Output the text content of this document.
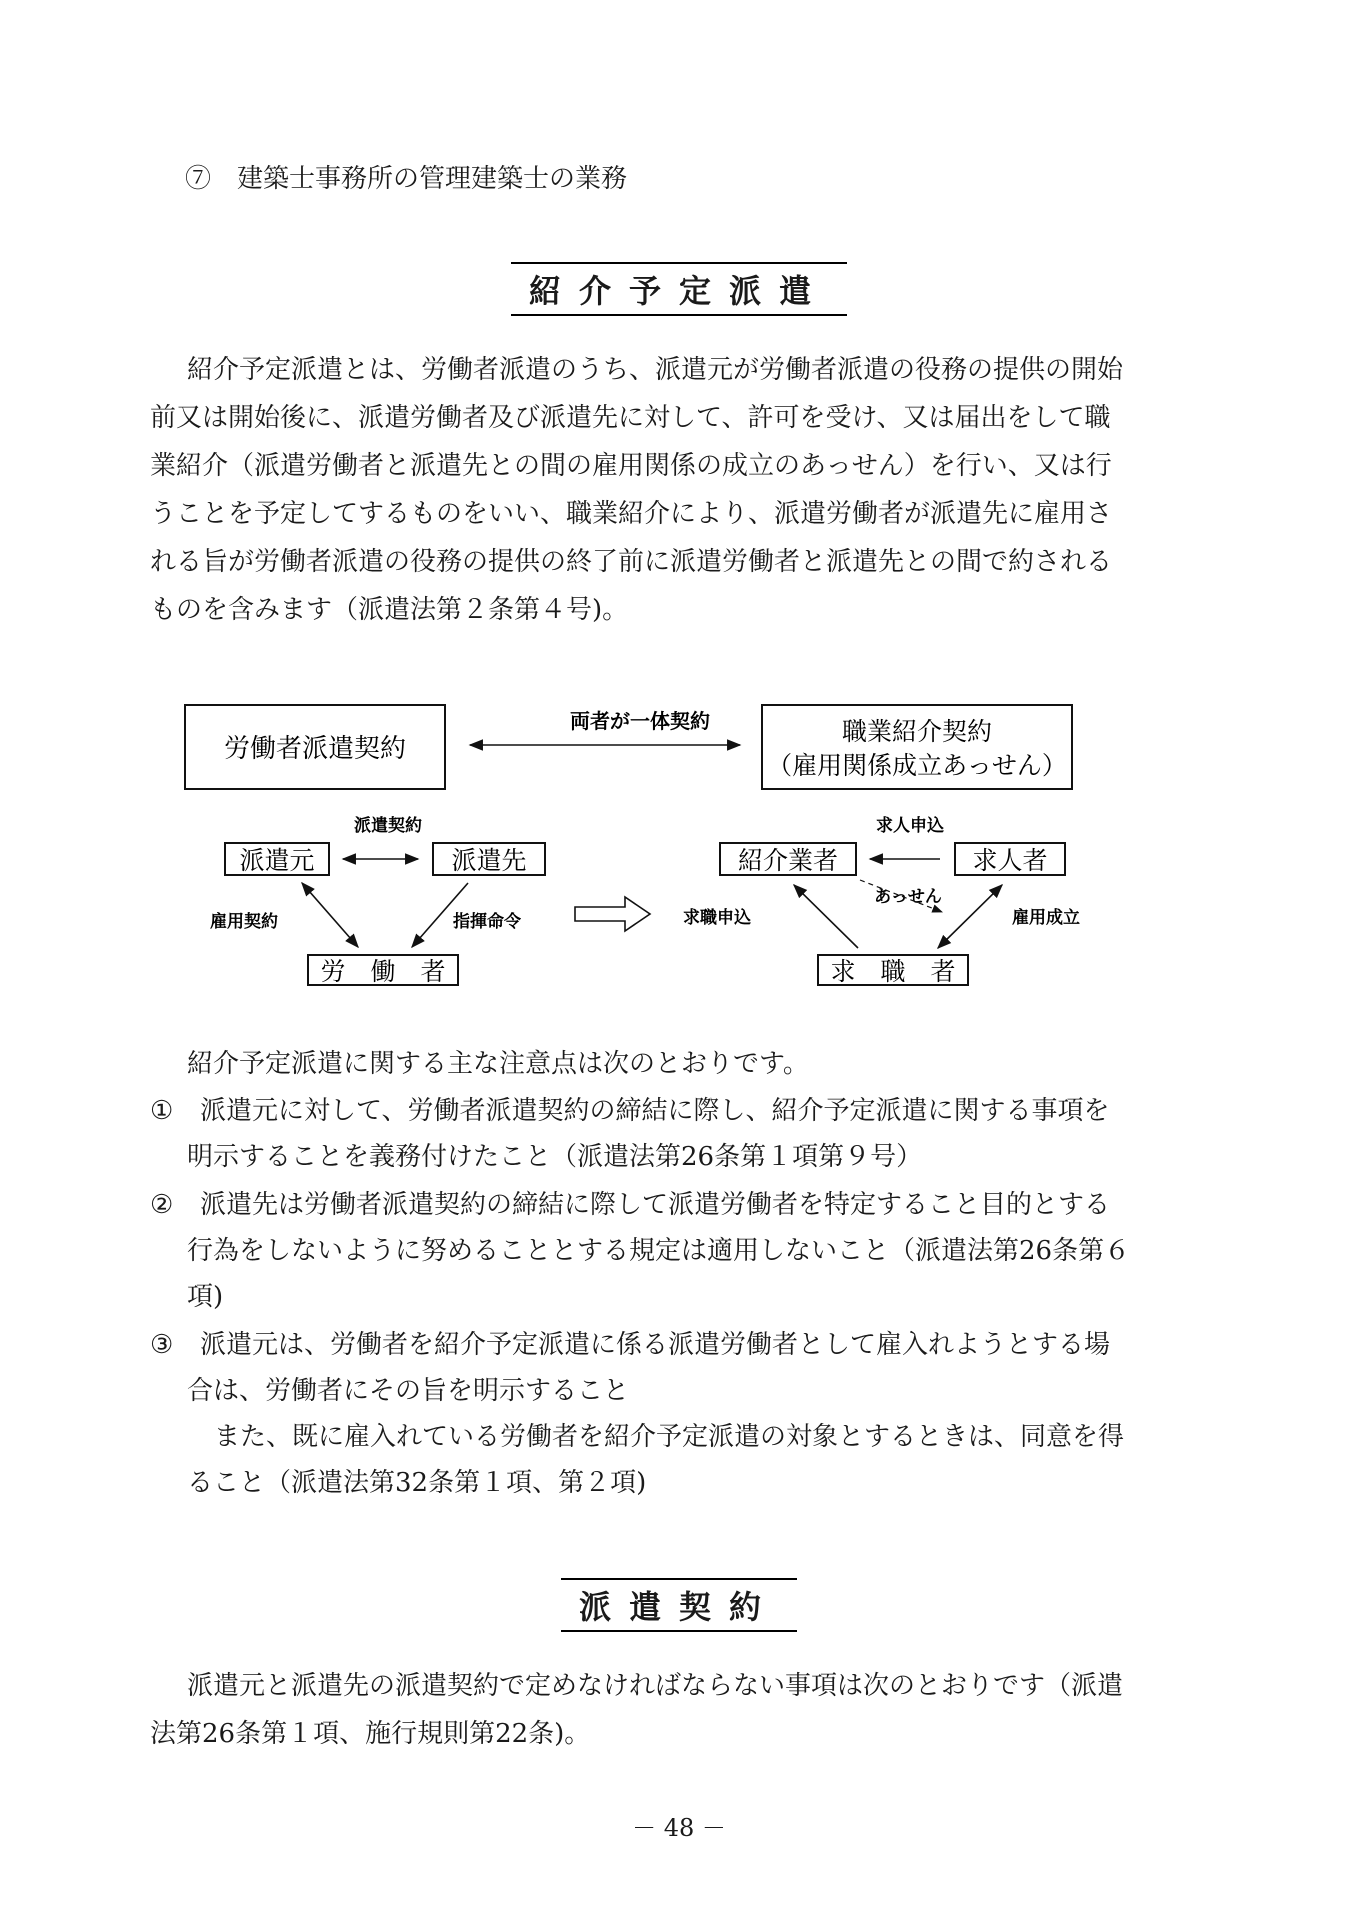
⑦　建築士事務所の管理建築士の業務
紹介予定派遣
紹介予定派遣とは、労働者派遣のうち、派遣元が労働者派遣の役務の提供の開始
前又は開始後に、派遣労働者及び派遣先に対して、許可を受け、又は届出をして職
業紹介（派遣労働者と派遣先との間の雇用関係の成立のあっせん）を行い、又は行
うことを予定してするものをいい、職業紹介により、派遣労働者が派遣先に雇用さ
れる旨が労働者派遣の役務の提供の終了前に派遣労働者と派遣先との間で約される
ものを含みます（派遣法第２条第４号)。
労働者派遣契約
両者が一体契約	職業紹介契約
（雇用関係成立あっせん）
派遣契約
派遣元	派遣先
雇用契約	指揮命令
労　働　者
求人申込
紹介業者	求人者
あっせん
求職申込	雇用成立
求　職　者
紹介予定派遣に関する主な注意点は次のとおりです。
① 派遣元に対して、労働者派遣契約の締結に際し、紹介予定派遣に関する事項を
明示することを義務付けたこと（派遣法第26条第１項第９号）
② 派遣先は労働者派遣契約の締結に際して派遣労働者を特定すること目的とする
行為をしないように努めることとする規定は適用しないこと（派遣法第26条第６
項)
③ 派遣元は、労働者を紹介予定派遣に係る派遣労働者として雇入れようとする場
合は、労働者にその旨を明示すること
また、既に雇入れている労働者を紹介予定派遣の対象とするときは、同意を得
ること（派遣法第32条第１項、第２項)
派遣契約
派遣元と派遣先の派遣契約で定めなければならない事項は次のとおりです（派遣
法第26条第１項、施行規則第22条)。
－ 48 －
